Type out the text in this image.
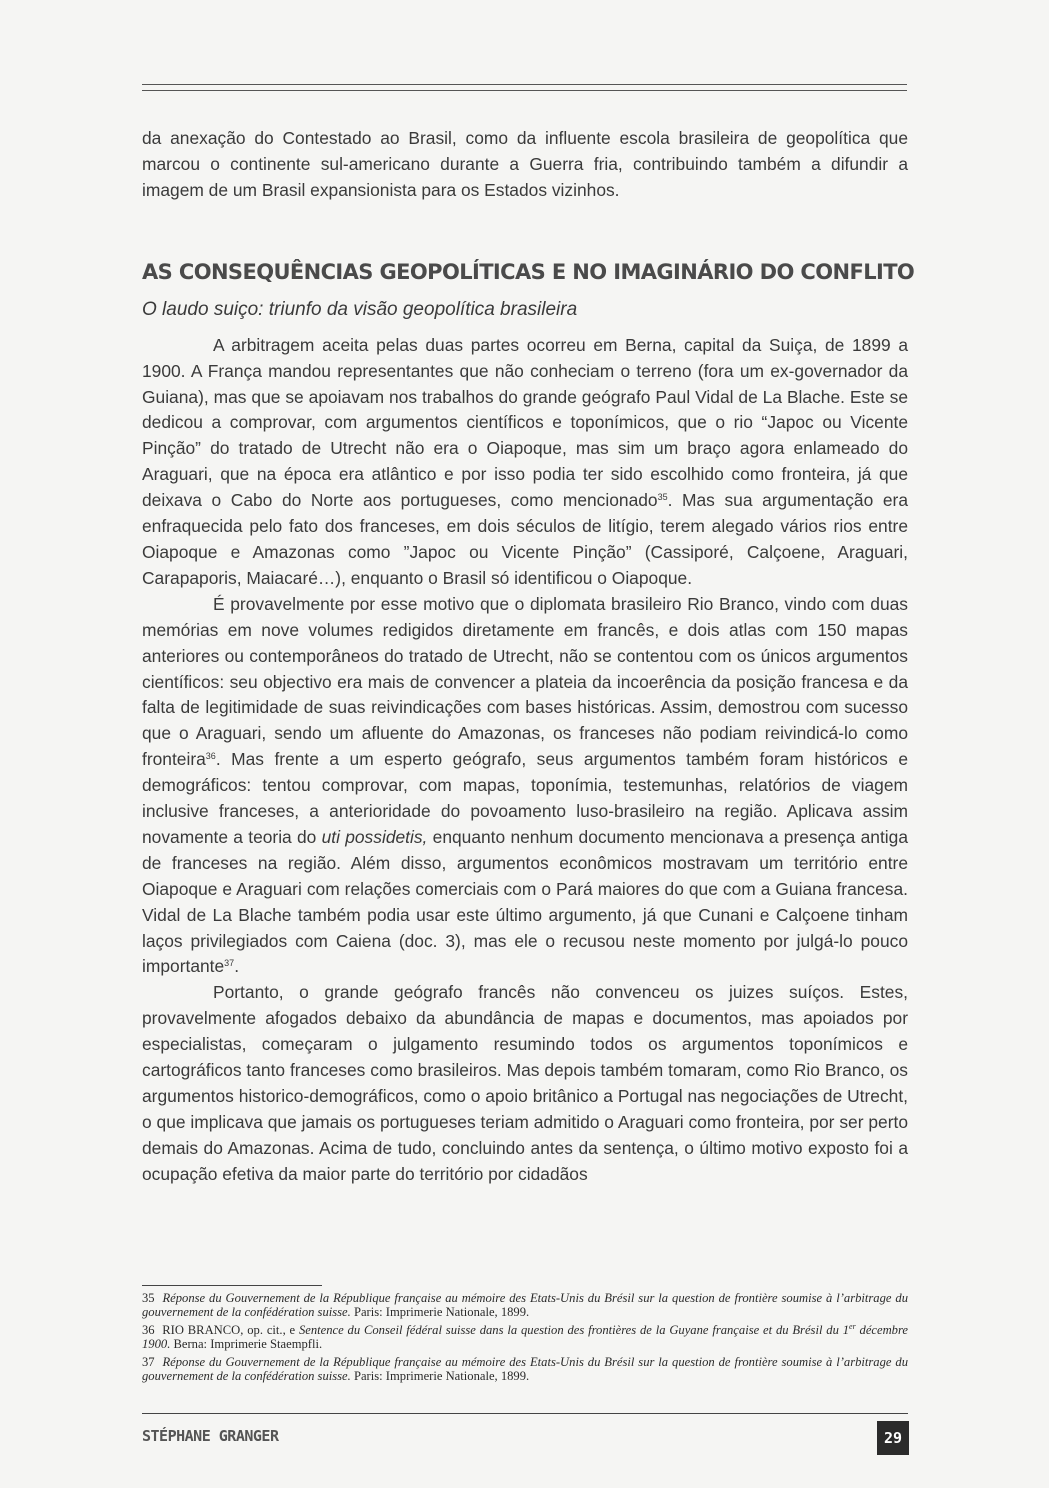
da anexação do Contestado ao Brasil, como da influente escola brasileira de geopolítica que marcou o continente sul-americano durante a Guerra fria, contribuindo também a difundir a imagem de um Brasil expansionista para os Estados vizinhos.

AS CONSEQUÊNCIAS GEOPOLÍTICAS E NO IMAGINÁRIO DO CONFLITO
O laudo suiço: triunfo da visão geopolítica brasileira

A arbitragem aceita pelas duas partes ocorreu em Berna, capital da Suiça, de 1899 a 1900. A França mandou representantes que não conheciam o terreno (fora um ex-governador da Guiana), mas que se apoiavam nos trabalhos do grande geógrafo Paul Vidal de La Blache. Este se dedicou a comprovar, com argumentos científicos e toponímicos, que o rio “Japoc ou Vicente Pinção” do tratado de Utrecht não era o Oiapoque, mas sim um braço agora enlameado do Araguari, que na época era atlântico e por isso podia ter sido escolhido como fronteira, já que deixava o Cabo do Norte aos portugueses, como mencionado$^{35}$. Mas sua argumentação era enfraquecida pelo fato dos franceses, em dois séculos de litígio, terem alegado vários rios entre Oiapoque e Amazonas como ”Japoc ou Vicente Pinção” (Cassiporé, Calçoene, Araguari, Carapaporis, Maiacaré…), enquanto o Brasil só identificou o Oiapoque.

É provavelmente por esse motivo que o diplomata brasileiro Rio Branco, vindo com duas memórias em nove volumes redigidos diretamente em francês, e dois atlas com 150 mapas anteriores ou contemporâneos do tratado de Utrecht, não se contentou com os únicos argumentos científicos: seu objectivo era mais de convencer a plateia da incoerência da posição francesa e da falta de legitimidade de suas reivindicações com bases históricas. Assim, demostrou com sucesso que o Araguari, sendo um afluente do Amazonas, os franceses não podiam reivindicá-lo como fronteira$^{36}$. Mas frente a um esperto geógrafo, seus argumentos também foram históricos e demográficos: tentou comprovar, com mapas, toponímia, testemunhas, relatórios de viagem inclusive franceses, a anterioridade do povoamento luso-brasileiro na região. Aplicava assim novamente a teoria do uti possidetis, enquanto nenhum documento mencionava a presença antiga de franceses na região. Além disso, argumentos econômicos mostravam um território entre Oiapoque e Araguari com relações comerciais com o Pará maiores do que com a Guiana francesa. Vidal de La Blache também podia usar este último argumento, já que Cunani e Calçoene tinham laços privilegiados com Caiena (doc. 3), mas ele o recusou neste momento por julgá-lo pouco importante$^{37}$.

Portanto, o grande geógrafo francês não convenceu os juizes suíços. Estes, provavelmente afogados debaixo da abundância de mapas e documentos, mas apoiados por especialistas, começaram o julgamento resumindo todos os argumentos toponímicos e cartográficos tanto franceses como brasileiros. Mas depois também tomaram, como Rio Branco, os argumentos historico-demográficos, como o apoio britânico a Portugal nas negociações de Utrecht, o que implicava que jamais os portugueses teriam admitido o Araguari como fronteira, por ser perto demais do Amazonas. Acima de tudo, concluindo antes da sentença, o último motivo exposto foi a ocupação efetiva da maior parte do território por cidadãos

35 Réponse du Gouvernement de la République française au mémoire des Etats-Unis du Brésil sur la question de frontière soumise à l’arbitrage du gouvernement de la confédération suisse. Paris: Imprimerie Nationale, 1899.

36 RIO BRANCO, op. cit., e Sentence du Conseil fédéral suisse dans la question des frontières de la Guyane française et du Brésil du 1er décembre 1900. Berna: Imprimerie Staempfli.

37 Réponse du Gouvernement de la République française au mémoire des Etats-Unis du Brésil sur la question de frontière soumise à l’arbitrage du gouvernement de la confédération suisse. Paris: Imprimerie Nationale, 1899.

STÉPHANE GRANGER	29
